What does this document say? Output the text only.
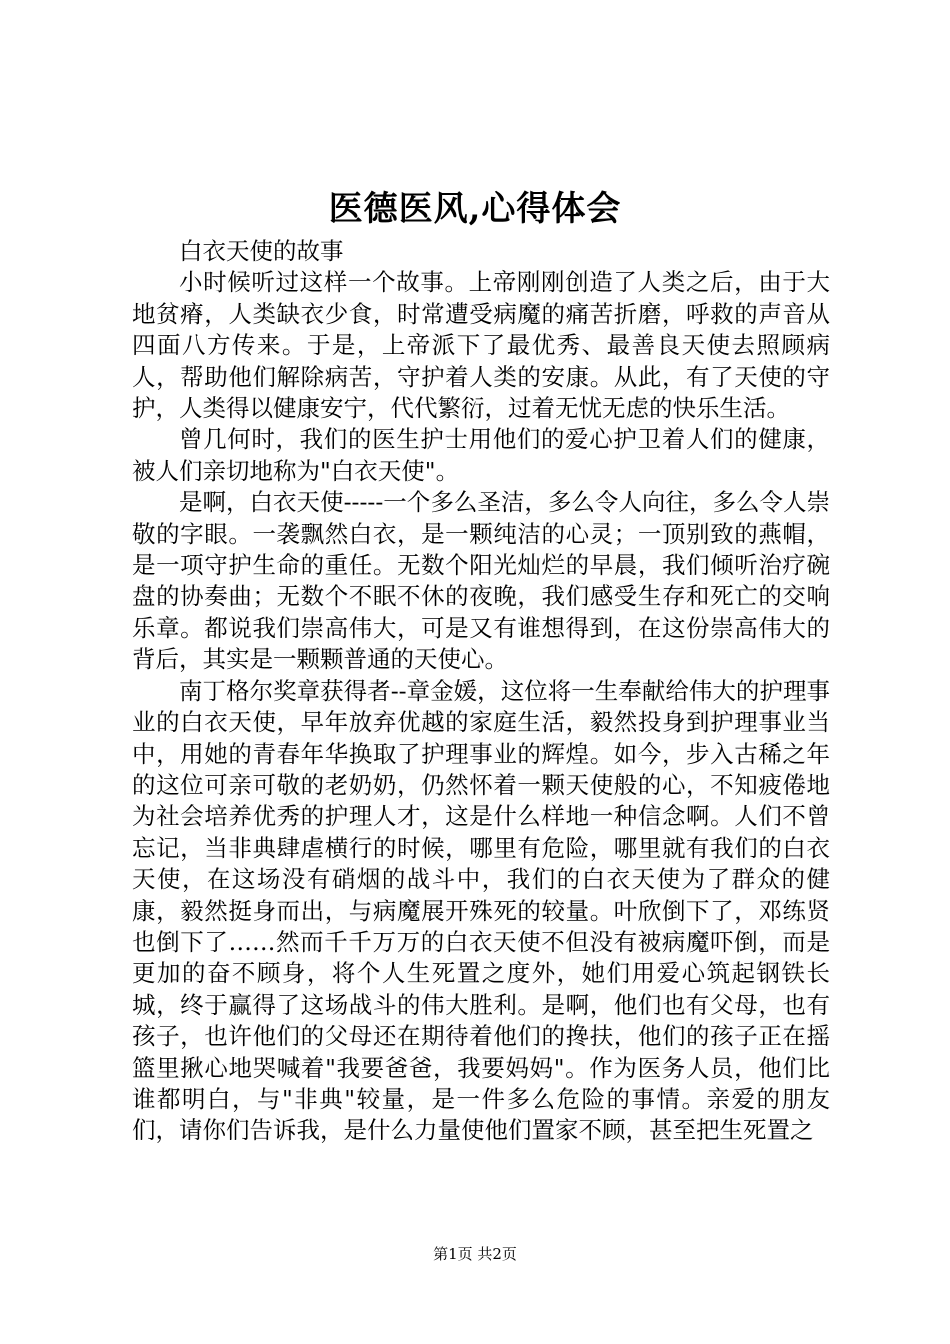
医德医风,心得体会

白衣天使的故事

小时候听过这样一个故事。上帝刚刚创造了人类之后，由于大地贫瘠，人类缺衣少食，时常遭受病魔的痛苦折磨，呼救的声音从四面八方传来。于是，上帝派下了最优秀、最善良天使去照顾病人，帮助他们解除病苦，守护着人类的安康。从此，有了天使的守护，人类得以健康安宁，代代繁衍，过着无忧无虑的快乐生活。

曾几何时，我们的医生护士用他们的爱心护卫着人们的健康，被人们亲切地称为"白衣天使"。

是啊，白衣天使-----一个多么圣洁，多么令人向往，多么令人崇敬的字眼。一袭飘然白衣，是一颗纯洁的心灵；一顶别致的燕帽，是一项守护生命的重任。无数个阳光灿烂的早晨，我们倾听治疗碗盘的协奏曲；无数个不眠不休的夜晚，我们感受生存和死亡的交响乐章。都说我们崇高伟大，可是又有谁想得到，在这份崇高伟大的背后，其实是一颗颗普通的天使心。

南丁格尔奖章获得者--章金媛，这位将一生奉献给伟大的护理事业的白衣天使，早年放弃优越的家庭生活，毅然投身到护理事业当中，用她的青春年华换取了护理事业的辉煌。如今，步入古稀之年的这位可亲可敬的老奶奶，仍然怀着一颗天使般的心，不知疲倦地为社会培养优秀的护理人才，这是什么样地一种信念啊。人们不曾忘记，当非典肆虐横行的时候，哪里有危险，哪里就有我们的白衣天使，在这场没有硝烟的战斗中，我们的白衣天使为了群众的健康，毅然挺身而出，与病魔展开殊死的较量。叶欣倒下了，邓练贤也倒下了……然而千千万万的白衣天使不但没有被病魔吓倒，而是更加的奋不顾身，将个人生死置之度外，她们用爱心筑起钢铁长城，终于赢得了这场战斗的伟大胜利。是啊，他们也有父母，也有孩子，也许他们的父母还在期待着他们的搀扶，他们的孩子正在摇篮里揪心地哭喊着"我要爸爸，我要妈妈"。作为医务人员，他们比谁都明白，与"非典"较量，是一件多么危险的事情。亲爱的朋友们，请你们告诉我，是什么力量使他们置家不顾，甚至把生死置之

第1页 共2页
